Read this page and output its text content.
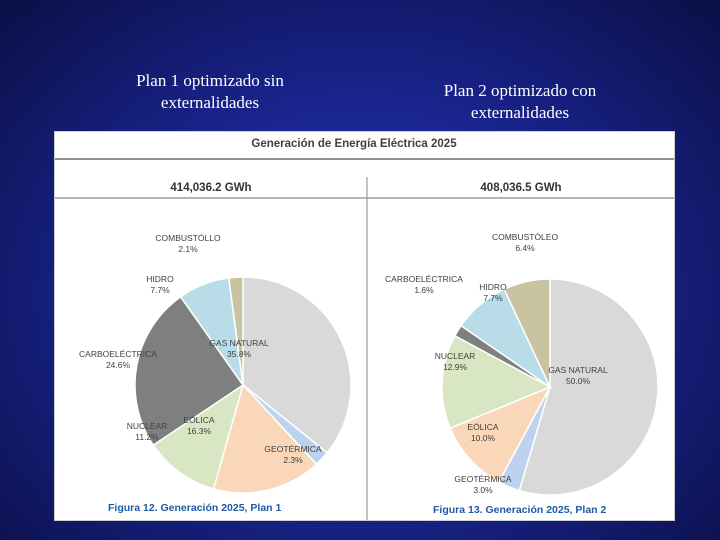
Plan 1 optimizado sin externalidades
Plan 2 optimizado con externalidades
Generación de Energía Eléctrica 2025
414,036.2 GWh	408,036.5 GWh
GAS NATURAL 35.8%
GEOTÉRMICA 2.3%
EÓLICA 16.3%
NUCLEAR 11.2%
CARBOELÉCTRICA 24.6%
HIDRO 7.7%
COMBUSTÓLLO 2.1%
GAS NATURAL 50.0%
GEOTÉRMICA 3.0%
EÓLICA 10.0%
NUCLEAR 12.9%
CARBOELÉCTRICA 1.6%	HIDRO 7.7%
COMBUSTÓLEO 6.4%
Figura 12. Generación 2025, Plan 1	Figura 13. Generación 2025, Plan 2
